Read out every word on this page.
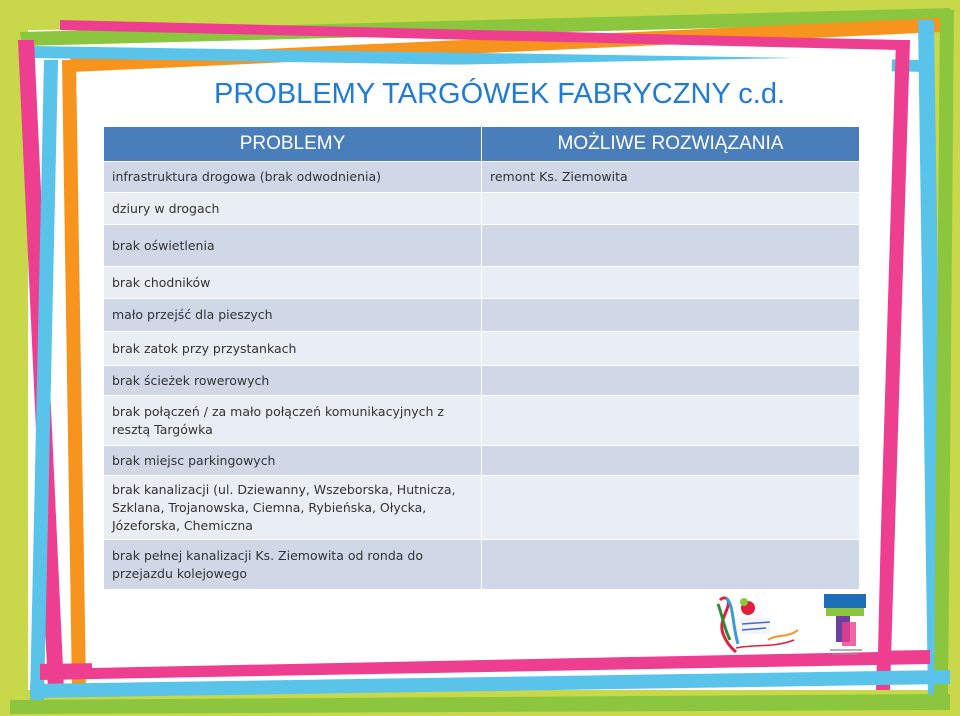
PROBLEMY TARGÓWEK FABRYCZNY c.d.
PROBLEMY	MOŻLIWE ROZWIĄZANIA
infrastruktura drogowa (brak odwodnienia)	remont Ks. Ziemowita
dziury w drogach	
brak oświetlenia	
brak chodników	
mało przejść dla pieszych	
brak zatok przy przystankach	
brak ścieżek rowerowych	
brak połączeń / za mało połączeń komunikacyjnych z resztą Targówka	
brak miejsc parkingowych	
brak kanalizacji (ul. Dziewanny, Wszeborska, Hutnicza, Szklana, Trojanowska, Ciemna, Rybieńska, Ołycka, Józeforska, Chemiczna	
brak pełnej kanalizacji Ks. Ziemowita od ronda do przejazdu kolejowego	
